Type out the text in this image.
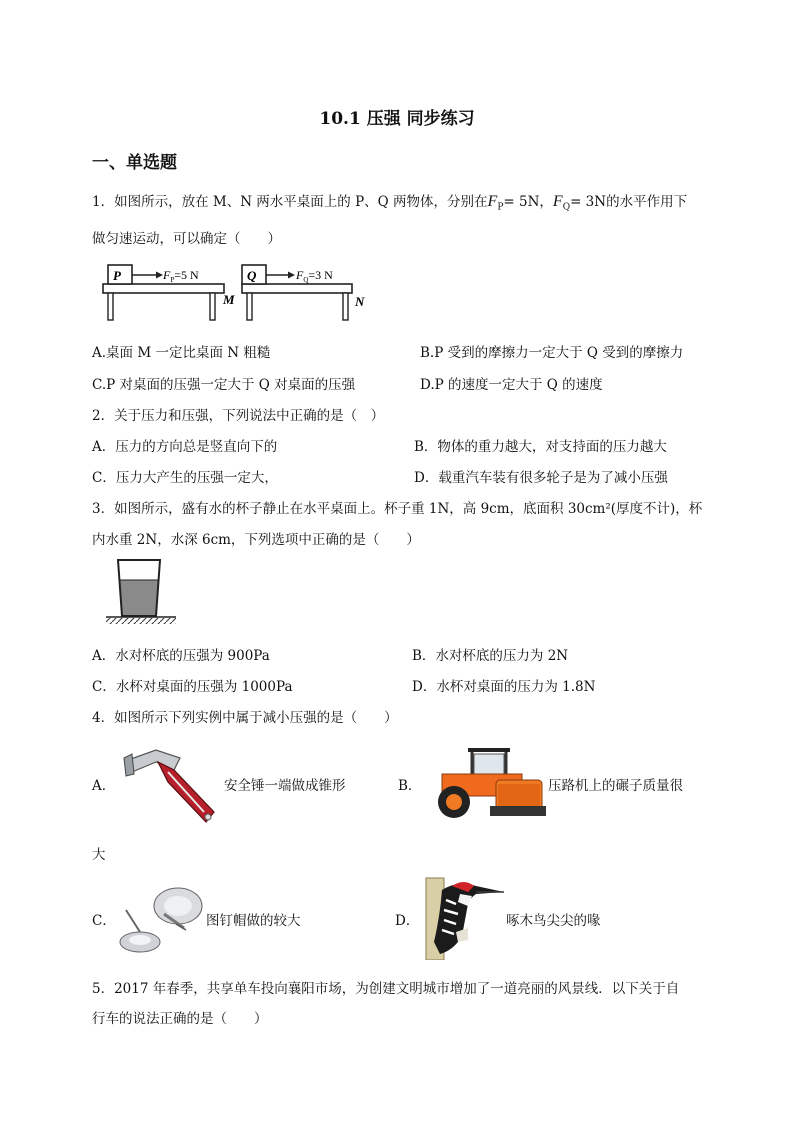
10.1 压强 同步练习
一、单选题
1．如图所示，放在 M、N 两水平桌面上的 P、Q 两物体，分别在$F_P= 5N$，$F_Q= 3N$的水平作用下
做匀速运动，可以确定（　　）
P	$F_P=5$ N
M
Q	$F_Q=3$ N
N
A.桌面 M 一定比桌面 N 粗糙	B.P 受到的摩擦力一定大于 Q 受到的摩擦力
C.P 对桌面的压强一定大于 Q 对桌面的压强	D.P 的速度一定大于 Q 的速度
2．关于压力和压强，下列说法中正确的是（　）
A．压力的方向总是竖直向下的	B．物体的重力越大，对支持面的压力越大
C．压力大产生的压强一定大，	D．载重汽车装有很多轮子是为了减小压强
3．如图所示，盛有水的杯子静止在水平桌面上。杯子重 1N，高 9cm，底面积 30cm²(厚度不计)，杯
内水重 2N，水深 6cm，下列选项中正确的是（　　）
A．水对杯底的压强为 900Pa	B．水对杯底的压力为 2N
C．水杯对桌面的压强为 1000Pa	D．水杯对桌面的压力为 1.8N
4．如图所示下列实例中属于减小压强的是（　　）
A．	安全锤一端做成锥形	B．	压路机上的碾子质量很
大
C．	图钉帽做的较大	D．	啄木鸟尖尖的喙
5．2017 年春季，共享单车投向襄阳市场，为创建文明城市增加了一道亮丽的风景线．以下关于自
行车的说法正确的是（　　）
